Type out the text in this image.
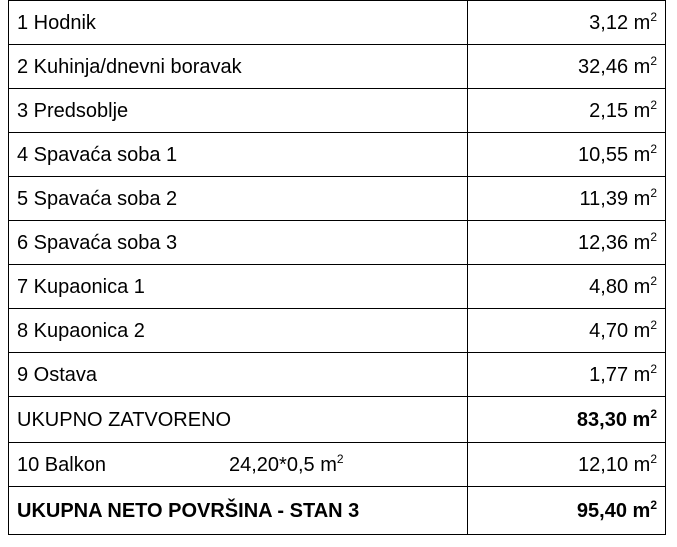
1 Hodnik	3,12 $m^2$
2 Kuhinja/dnevni boravak	32,46 $m^2$
3 Predsoblje	2,15 $m^2$
4 Spavaća soba 1	10,55 $m^2$
5 Spavaća soba 2	11,39 $m^2$
6 Spavaća soba 3	12,36 $m^2$
7 Kupaonica 1	4,80 $m^2$
8 Kupaonica 2	4,70 $m^2$
9 Ostava	1,77 $m^2$
UKUPNO ZATVORENO	83,30 $m^2$
10 Balkon 24,20*0,5 $m^2$	12,10 $m^2$
UKUPNA NETO POVRŠINA - STAN 3	95,40 $m^2$
